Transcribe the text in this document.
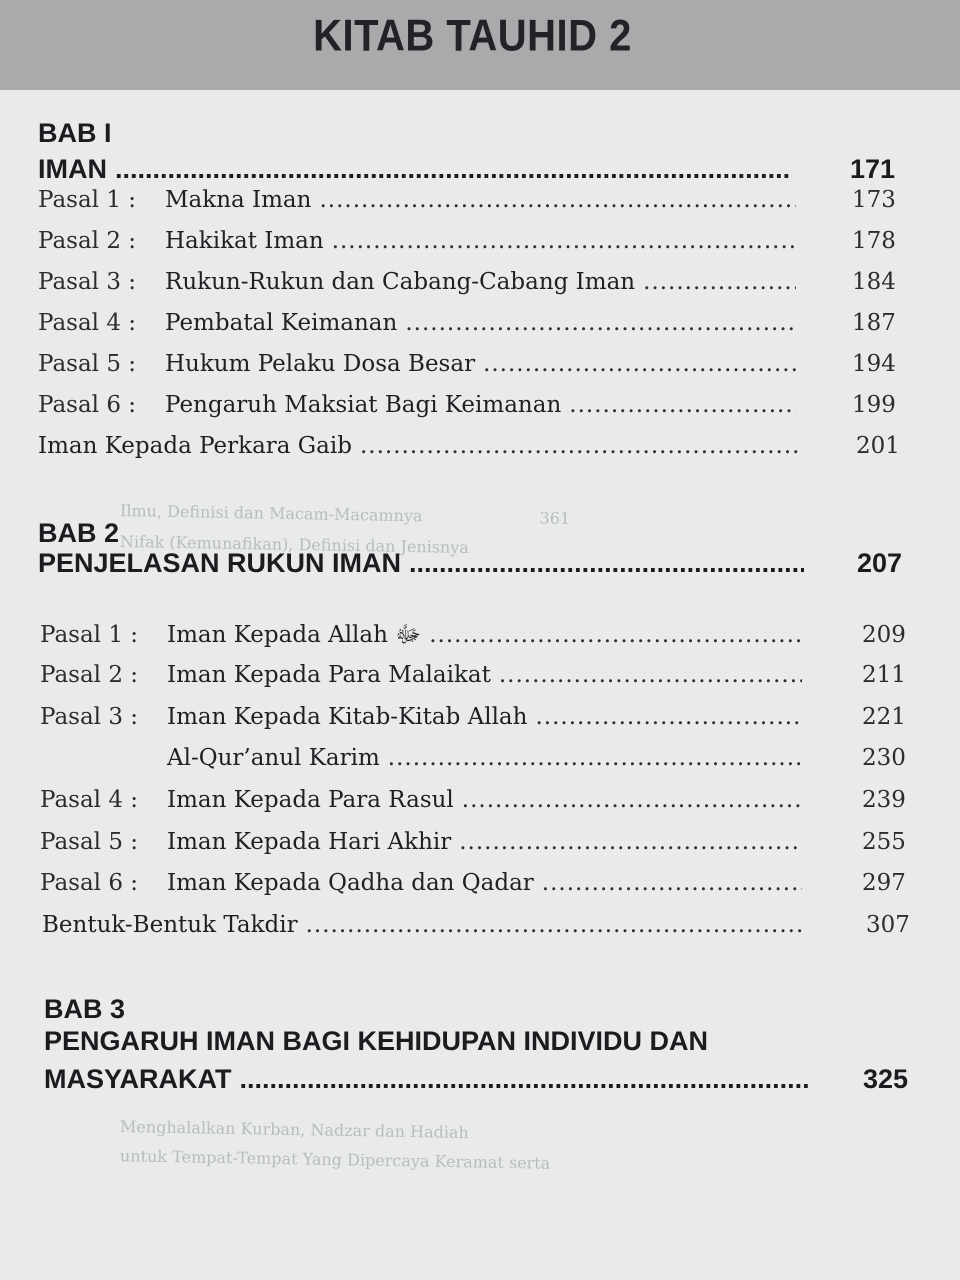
KITAB TAUHID 2
Ilmu, Definisi dan Macam-Macamnya                       361
Nifak (Kemunafikan), Definisi dan Jenisnya
Menghalalkan Kurban, Nadzar dan Hadiah
untuk Tempat-Tempat Yang Dipercaya Keramat serta
BAB I
IMAN .....	171
Pasal 1 :	Makna Iman .....	173
Pasal 2 :	Hakikat Iman .....	178
Pasal 3 :	Rukun-Rukun dan Cabang-Cabang Iman .....	184
Pasal 4 :	Pembatal Keimanan .....	187
Pasal 5 :	Hukum Pelaku Dosa Besar .....	194
Pasal 6 :	Pengaruh Maksiat Bagi Keimanan .....	199
Iman Kepada Perkara Gaib .....	201
BAB 2
PENJELASAN RUKUN IMAN .....	207
Pasal 1 :	Iman Kepada Allah ﷻ .....	209
Pasal 2 :	Iman Kepada Para Malaikat .....	211
Pasal 3 :	Iman Kepada Kitab-Kitab Allah .....	221

Al-Qur’anul Karim .....	230
Pasal 4 :	Iman Kepada Para Rasul .....	239
Pasal 5 :	Iman Kepada Hari Akhir .....	255
Pasal 6 :	Iman Kepada Qadha dan Qadar .....	297
Bentuk-Bentuk Takdir .....	307
BAB 3
PENGARUH IMAN BAGI KEHIDUPAN INDIVIDU DAN
MASYARAKAT .....	325
